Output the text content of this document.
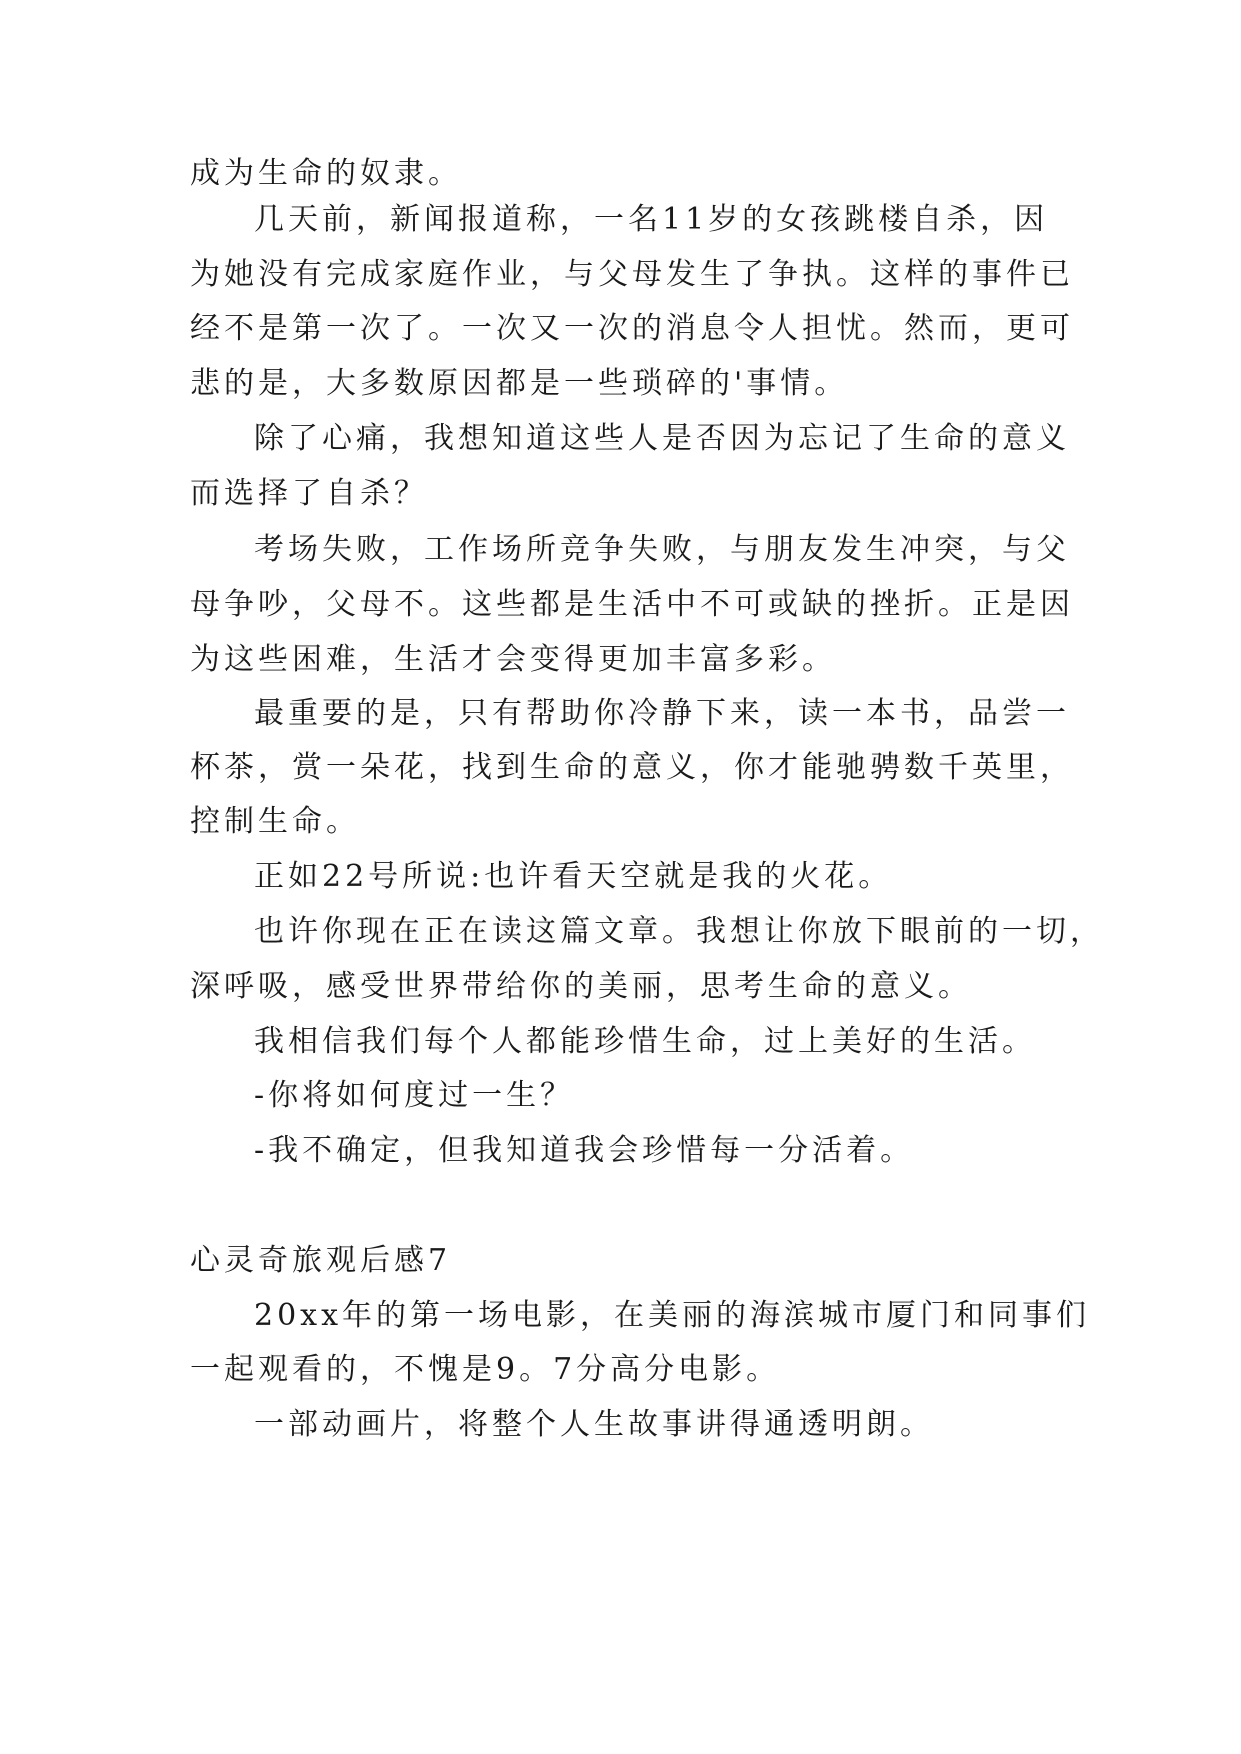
成为生命的奴隶。
几天前，新闻报道称，一名11岁的女孩跳楼自杀，因
为她没有完成家庭作业，与父母发生了争执。这样的事件已
经不是第一次了。一次又一次的消息令人担忧。然而，更可
悲的是，大多数原因都是一些琐碎的'事情。
除了心痛，我想知道这些人是否因为忘记了生命的意义
而选择了自杀？
考场失败，工作场所竞争失败，与朋友发生冲突，与父
母争吵，父母不。这些都是生活中不可或缺的挫折。正是因
为这些困难，生活才会变得更加丰富多彩。
最重要的是，只有帮助你冷静下来，读一本书，品尝一
杯茶，赏一朵花，找到生命的意义，你才能驰骋数千英里，
控制生命。
正如22号所说:也许看天空就是我的火花。
也许你现在正在读这篇文章。我想让你放下眼前的一切，
深呼吸，感受世界带给你的美丽，思考生命的意义。
我相信我们每个人都能珍惜生命，过上美好的生活。
-你将如何度过一生？
-我不确定，但我知道我会珍惜每一分活着。
心灵奇旅观后感7
20xx年的第一场电影，在美丽的海滨城市厦门和同事们
一起观看的，不愧是9。7分高分电影。
一部动画片，将整个人生故事讲得通透明朗。
